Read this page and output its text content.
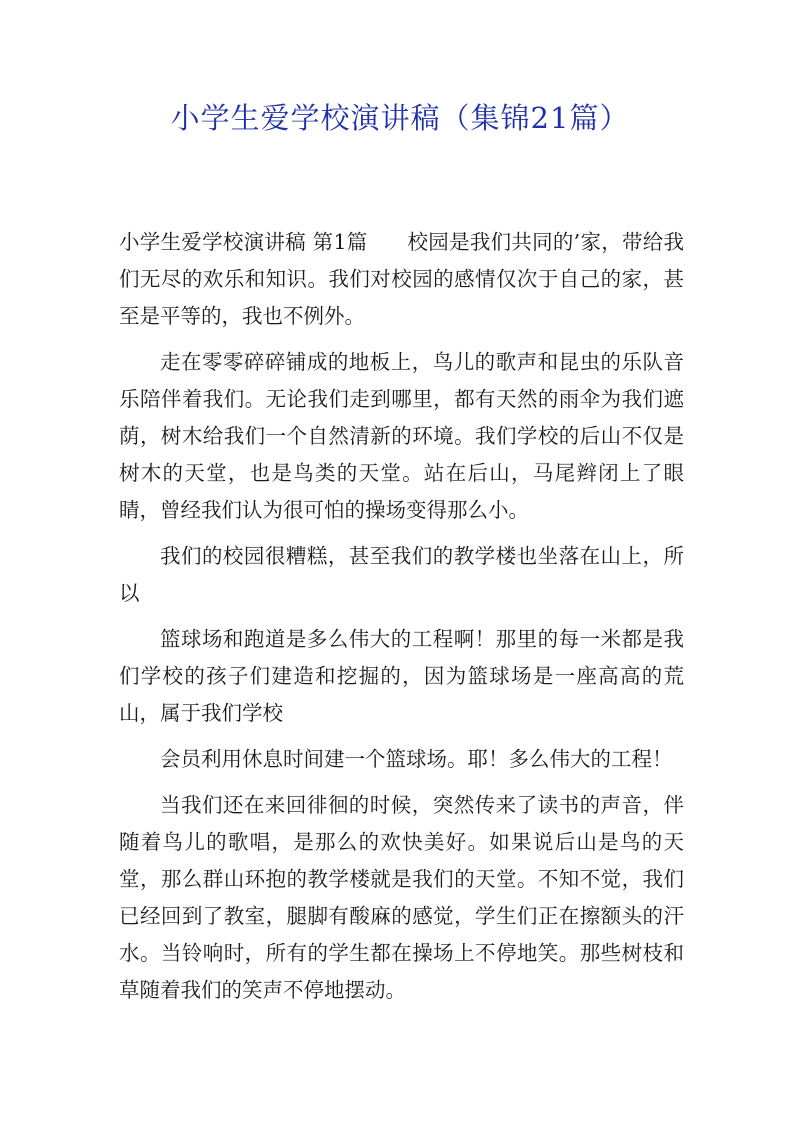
小学生爱学校演讲稿（集锦21篇）

小学生爱学校演讲稿 第1篇 校园是我们共同的’家，带给我们无尽的欢乐和知识。我们对校园的感情仅次于自己的家，甚至是平等的，我也不例外。

走在零零碎碎铺成的地板上，鸟儿的歌声和昆虫的乐队音乐陪伴着我们。无论我们走到哪里，都有天然的雨伞为我们遮荫，树木给我们一个自然清新的环境。我们学校的后山不仅是树木的天堂，也是鸟类的天堂。站在后山，马尾辫闭上了眼睛，曾经我们认为很可怕的操场变得那么小。

我们的校园很糟糕，甚至我们的教学楼也坐落在山上，所以

篮球场和跑道是多么伟大的工程啊！那里的每一米都是我们学校的孩子们建造和挖掘的，因为篮球场是一座高高的荒山，属于我们学校

会员利用休息时间建一个篮球场。耶！多么伟大的工程！

当我们还在来回徘徊的时候，突然传来了读书的声音，伴随着鸟儿的歌唱，是那么的欢快美好。如果说后山是鸟的天堂，那么群山环抱的教学楼就是我们的天堂。不知不觉，我们已经回到了教室，腿脚有酸麻的感觉，学生们正在擦额头的汗水。当铃响时，所有的学生都在操场上不停地笑。那些树枝和草随着我们的笑声不停地摆动。
